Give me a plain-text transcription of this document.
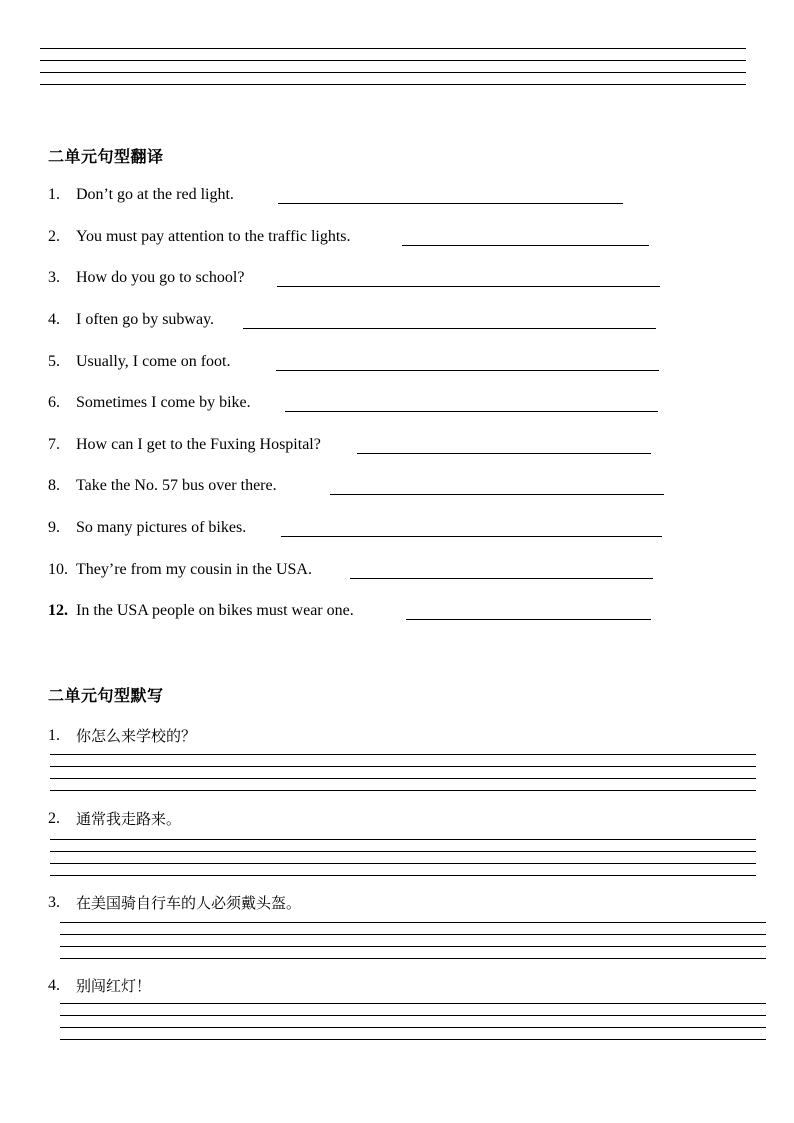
二单元句型翻译
1. Don’t go at the red light.
2. You must pay attention to the traffic lights.
3. How do you go to school?
4. I often go by subway.
5. Usually, I come on foot.
6. Sometimes I come by bike.
7. How can I get to the Fuxing Hospital?
8. Take the No. 57 bus over there.
9. So many pictures of bikes.
10. They’re from my cousin in the USA.
12. In the USA people on bikes must wear one.
二单元句型默写
1. 你怎么来学校的？
2. 通常我走路来。
3. 在美国骑自行车的人必须戴头盔。
4. 别闯红灯！
